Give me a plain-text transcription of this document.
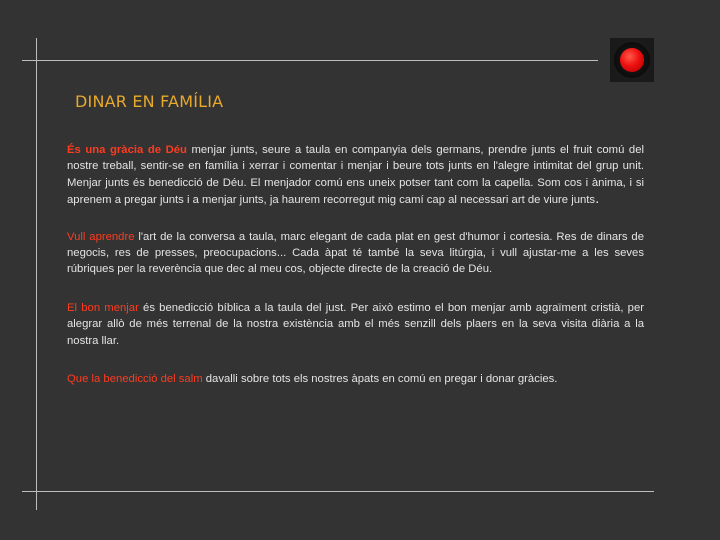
DINAR EN FAMÍLIA

És una gràcia de Déu menjar junts, seure a taula en companyia dels germans, prendre junts el fruit comú del nostre treball, sentir-se en família i xerrar i comentar i menjar i beure tots junts en l'alegre intimitat del grup unit. Menjar junts és benedicció de Déu. El menjador comú ens uneix potser tant com la capella. Som cos i ànima, i si aprenem a pregar junts i a menjar junts, ja haurem recorregut mig camí cap al necessari art de viure junts.

Vull aprendre l'art de la conversa a taula, marc elegant de cada plat en gest d'humor i cortesia. Res de dinars de negocis, res de presses, preocupacions... Cada àpat té també la seva litúrgia, i vull ajustar-me a les seves rúbriques per la reverència que dec al meu cos, objecte directe de la creació de Déu.

El bon menjar és benedicció bíblica a la taula del just. Per això estimo el bon menjar amb agraïment cristià, per alegrar allò de més terrenal de la nostra existència amb el més senzill dels plaers en la seva visita diària a la nostra llar.

Que la benedicció del salm davalli sobre tots els nostres àpats en comú en pregar i donar gràcies.
